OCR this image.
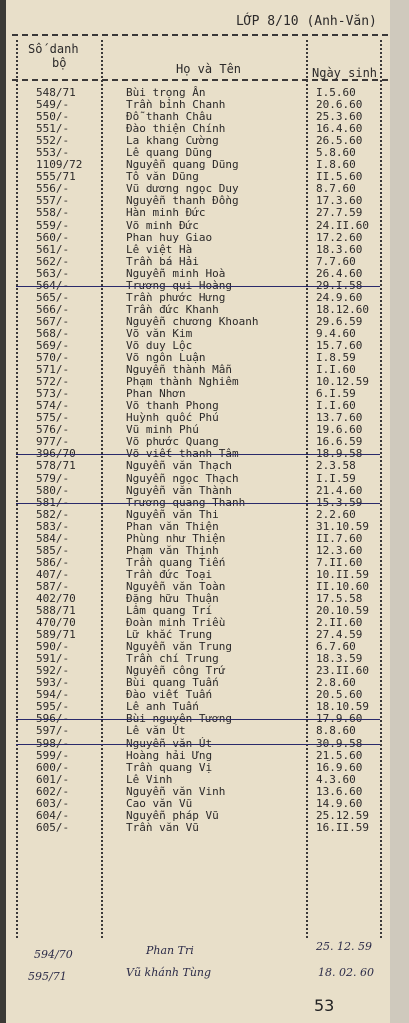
LỚP 8/10 (Anh-Văn)
Số danh
bộ	Họ và Tên	Ngày sinh
548/71	Bùi trọng Ân	I.5.60
549/-	Trần bỉnh Chanh	20.6.60
550/-	Đỗ thanh Châu	25.3.60
551/-	Đào thiện Chính	16.4.60
552/-	La khang Cường	26.5.60
553/-	Lê quang Dũng	5.8.60
1109/72	Nguyễn quang Dũng	I.8.60
555/71	Tô văn Dũng	II.5.60
556/-	Vũ dương ngọc Duy	8.7.60
557/-	Nguyễn thanh Đồng	17.3.60
558/-	Hàn minh Đức	27.7.59
559/-	Võ minh Đức	24.II.60
560/-	Phan huy Giao	17.2.60
561/-	Lê việt Hà	18.3.60
562/-	Trần bá Hải	7.7.60
563/-	Nguyễn minh Hoà	26.4.60
564/-	Trương qui Hoàng	29.I.58
565/-	Trần phước Hưng	24.9.60
566/-	Trần đức Khanh	18.12.60
567/-	Nguyễn chương Khoanh	29.6.59
568/-	Võ văn Kim	9.4.60
569/-	Võ duy Lộc	15.7.60
570/-	Võ ngôn Luận	I.8.59
571/-	Nguyễn thành Mẫn	I.I.60
572/-	Phạm thành Nghiêm	10.12.59
573/-	Phan Nhơn	6.I.59
574/-	Võ thanh Phong	I.I.60
575/-	Huỳnh quốc Phú	13.7.60
576/-	Vũ minh Phú	19.6.60
977/-	Võ phước Quang	16.6.59
396/70	Võ viết thanh Tâm	18.9.58
578/71	Nguyễn văn Thạch	2.3.58
579/-	Nguyễn ngọc Thạch	I.I.59
580/-	Nguyễn văn Thành	21.4.60
581/-	Trương quang Thanh	15.3.59
582/-	Nguyễn văn Thi	2.2.60
583/-	Phan văn Thiện	31.10.59
584/-	Phùng như Thiện	II.7.60
585/-	Phạm văn Thịnh	12.3.60
586/-	Trần quang Tiến	7.II.60
407/-	Trần đức Toại	10.II.59
587/-	Nguyễn văn Toàn	II.10.60
402/70	Đặng hữu Thuận	17.5.58
588/71	Lâm quang Trí	20.10.59
470/70	Đoàn minh Triều	2.II.60
589/71	Lữ khắc Trung	27.4.59
590/-	Nguyễn văn Trung	6.7.60
591/-	Trần chí Trung	18.3.59
592/-	Nguyễn công Trứ	23.II.60
593/-	Bùi quang Tuấn	2.8.60
594/-	Đào viết Tuấn	20.5.60
595/-	Lê anh Tuấn	18.10.59
596/-	Bùi nguyên Tương	17.9.60
597/-	Lê văn Út	8.8.60
598/-	Nguyễn văn Út	30.9.58
599/-	Hoàng hải Ưng	21.5.60
600/-	Trần quang Vị	16.9.60
601/-	Lê Vinh	4.3.60
602/-	Nguyễn văn Vinh	13.6.60
603/-	Cao văn Vũ	14.9.60
604/-	Nguyễn pháp Vũ	25.12.59
605/-	Trần văn Vũ	16.II.59
594/70	Phan Tri	25. 12. 59
595/71	Vũ khánh Tùng	18. 02. 60
53
